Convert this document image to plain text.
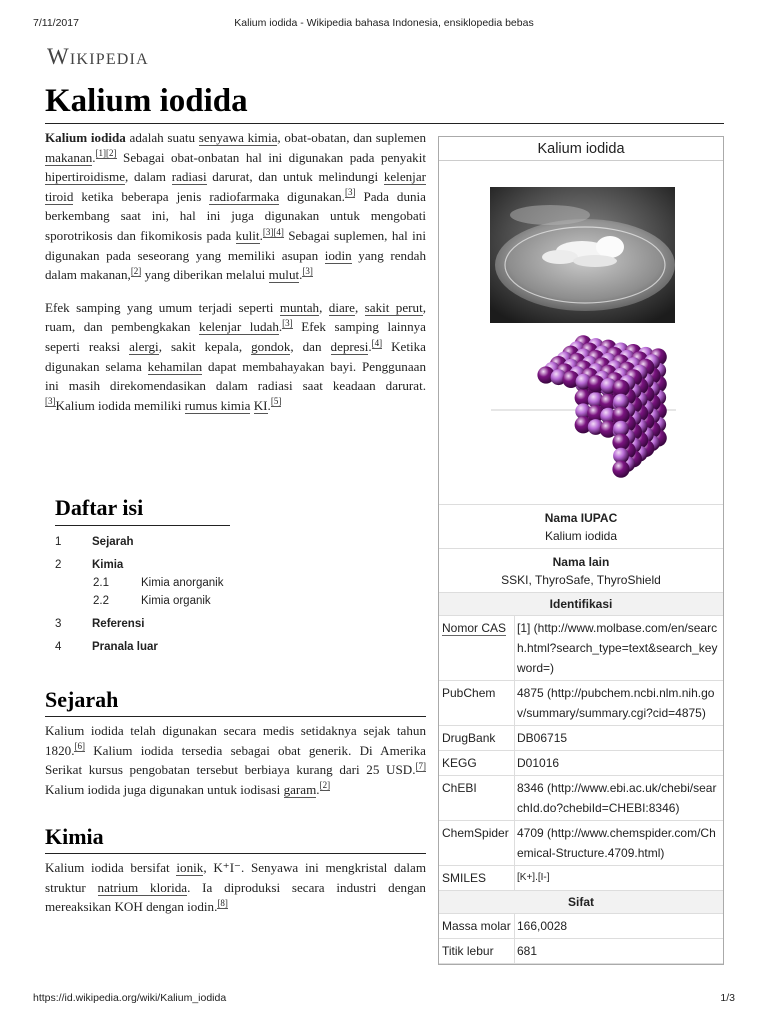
7/11/2017	Kalium iodida - Wikipedia bahasa Indonesia, ensiklopedia bebas
Wikipedia
Kalium iodida

Kalium iodida adalah suatu senyawa kimia, obat-obatan, dan suplemen makanan.[1][2] Sebagai obat-onbatan hal ini digunakan pada penyakit hipertiroidisme, dalam radiasi darurat, dan untuk melindungi kelenjar tiroid ketika beberapa jenis radiofarmaka digunakan.[3] Pada dunia berkembang saat ini, hal ini juga digunakan untuk mengobati sporotrikosis dan fikomikosis pada kulit.[3][4] Sebagai suplemen, hal ini digunakan pada seseorang yang memiliki asupan iodin yang rendah dalam makanan,[2] yang diberikan melalui mulut.[3]

Efek samping yang umum terjadi seperti muntah, diare, sakit perut, ruam, dan pembengkakan kelenjar ludah.[3] Efek samping lainnya seperti reaksi alergi, sakit kepala, gondok, dan depresi.[4] Ketika digunakan selama kehamilan dapat membahayakan bayi. Penggunaan ini masih direkomendasikan dalam radiasi saat keadaan darurat.[3]Kalium iodida memiliki rumus kimia KI.[5]

Daftar isi
1	Sejarah
2	Kimia
2.1	Kimia anorganik
2.2	Kimia organik
3	Referensi
4	Pranala luar
Sejarah

Kalium iodida telah digunakan secara medis setidaknya sejak tahun 1820.[6] Kalium iodida tersedia sebagai obat generik. Di Amerika Serikat kursus pengobatan tersebut berbiaya kurang dari 25 USD.[7] Kalium iodida juga digunakan untuk iodisasi garam.[2]

Kimia

Kalium iodida bersifat ionik, K⁺I⁻. Senyawa ini mengkristal dalam struktur natrium klorida. Ia diproduksi secara industri dengan mereaksikan KOH dengan iodin.[8]

Kalium iodida
Nama IUPAC
Kalium iodida
Nama lain
SSKI, ThyroSafe, ThyroShield
Identifikasi
Nomor CAS [1] (http://www.molbase.com/en/search.html?search_type=text&search_keyword=)
PubChem	4875 (http://pubchem.ncbi.nlm.nih.gov/summary/summary.cgi?cid=4875)
DrugBank	DB06715
KEGG	D01016
ChEBI	8346 (http://www.ebi.ac.uk/chebi/searchId.do?chebiId=CHEBI:8346)
ChemSpider 4709 (http://www.chemspider.com/Chemical-Structure.4709.html)
SMILES	[K+].[I-]
Sifat
Massa molar 166,0028
Titik lebur	681
https://id.wikipedia.org/wiki/Kalium_iodida	1/3
